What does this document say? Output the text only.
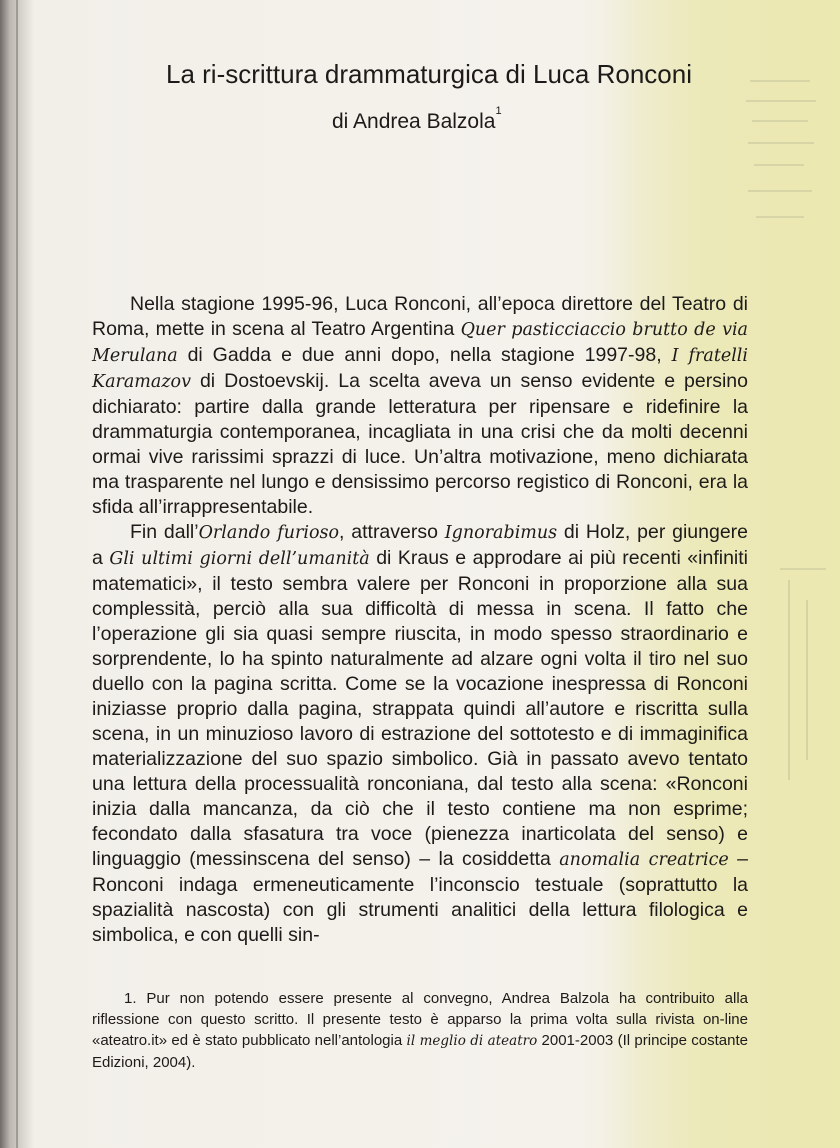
La ri-scrittura drammaturgica di Luca Ronconi
di Andrea Balzola$^1$

Nella stagione 1995-96, Luca Ronconi, all’epoca direttore del Teatro di Roma, mette in scena al Teatro Argentina Quer pasticciaccio brutto de via Merulana di Gadda e due anni dopo, nella stagione 1997-98, I fratelli Karamazov di Dostoevskij. La scelta aveva un senso evidente e persino dichiarato: partire dalla grande letteratura per ripensare e ridefinire la drammaturgia contemporanea, incagliata in una crisi che da molti decenni ormai vive rarissimi sprazzi di luce. Un’altra motivazione, meno dichiarata ma trasparente nel lungo e densissimo percorso registico di Ronconi, era la sfida all’irrappresentabile.

Fin dall’Orlando furioso, attraverso Ignorabimus di Holz, per giungere a Gli ultimi giorni dell’umanità di Kraus e approdare ai più recenti «infiniti matematici», il testo sembra valere per Ronconi in proporzione alla sua complessità, perciò alla sua difficoltà di messa in scena. Il fatto che l’operazione gli sia quasi sempre riuscita, in modo spesso straordinario e sorprendente, lo ha spinto naturalmente ad alzare ogni volta il tiro nel suo duello con la pagina scritta. Come se la vocazione inespressa di Ronconi iniziasse proprio dalla pagina, strappata quindi all’autore e riscritta sulla scena, in un minuzioso lavoro di estrazione del sottotesto e di immaginifica materializzazione del suo spazio simbolico. Già in passato avevo tentato una lettura della processualità ronconiana, dal testo alla scena: «Ronconi inizia dalla mancanza, da ciò che il testo contiene ma non esprime; fecondato dalla sfasatura tra voce (pienezza inarticolata del senso) e linguaggio (messinscena del senso) – la cosiddetta anomalia creatrice – Ronconi indaga ermeneuticamente l’inconscio testuale (soprattutto la spazialità nascosta) con gli strumenti analitici della lettura filologica e simbolica, e con quelli sin-

1. Pur non potendo essere presente al convegno, Andrea Balzola ha contribuito alla riflessione con questo scritto. Il presente testo è apparso la prima volta sulla rivista on-line «ateatro.it» ed è stato pubblicato nell’antologia il meglio di ateatro 2001-2003 (Il principe costante Edizioni, 2004).
